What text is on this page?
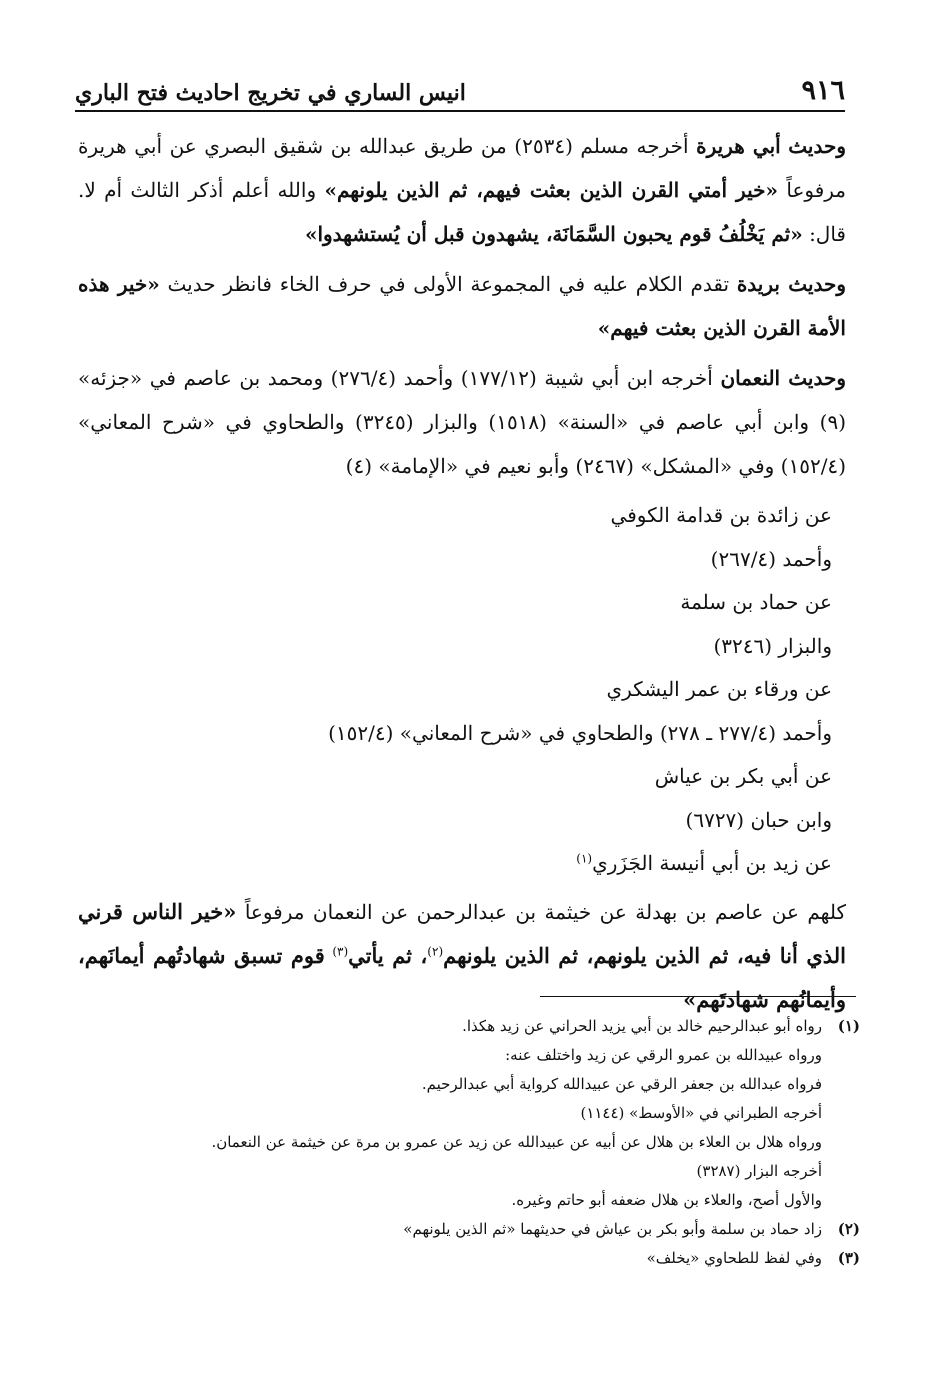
٩١٦
انيس الساري في تخريج احاديث فتح الباري

وحديث أبي هريرة أخرجه مسلم (٢٥٣٤) من طريق عبدالله بن شقيق البصري عن أبي هريرة مرفوعاً «خير أمتي القرن الذين بعثت فيهم، ثم الذين يلونهم» والله أعلم أذكر الثالث أم لا. قال: «ثم يَخْلُفُ قوم يحبون السَّمَانَة، يشهدون قبل أن يُستشهدوا»

وحديث بريدة تقدم الكلام عليه في المجموعة الأولى في حرف الخاء فانظر حديث «خير هذه الأمة القرن الذين بعثت فيهم»

وحديث النعمان أخرجه ابن أبي شيبة (١٧٧/١٢) وأحمد (٢٧٦/٤) ومحمد بن عاصم في «جزئه» (٩) وابن أبي عاصم في «السنة» (١٥١٨) والبزار (٣٢٤٥) والطحاوي في «شرح المعاني» (١٥٢/٤) وفي «المشكل» (٢٤٦٧) وأبو نعيم في «الإمامة» (٤)

عن زائدة بن قدامة الكوفي
وأحمد (٢٦٧/٤)
عن حماد بن سلمة
والبزار (٣٢٤٦)
عن ورقاء بن عمر اليشكري
وأحمد (٢٧٧/٤ ـ ٢٧٨) والطحاوي في «شرح المعاني» (١٥٢/٤)
عن أبي بكر بن عياش
وابن حبان (٦٧٢٧)
عن زيد بن أبي أنيسة الجَزَري$^{(١)}$

كلهم عن عاصم بن بهدلة عن خيثمة بن عبدالرحمن عن النعمان مرفوعاً «خير الناس قرني الذي أنا فيه، ثم الذين يلونهم، ثم الذين يلونهم$^{(٢)}$، ثم يأتي$^{(٣)}$ قوم تسبق شهادتُهم أيمانَهم، وأيمانُهم شهادتَهم»

(١)
رواه أبو عبدالرحيم خالد بن أبي يزيد الحراني عن زيد هكذا.
ورواه عبيدالله بن عمرو الرقي عن زيد واختلف عنه:
فرواه عبدالله بن جعفر الرقي عن عبيدالله كرواية أبي عبدالرحيم.
أخرجه الطبراني في «الأوسط» (١١٤٤)
ورواه هلال بن العلاء بن هلال عن أبيه عن عبيدالله عن زيد عن عمرو بن مرة عن خيثمة عن النعمان.
أخرجه البزار (٣٢٨٧)
والأول أصح، والعلاء بن هلال ضعفه أبو حاتم وغيره.
(٢)
زاد حماد بن سلمة وأبو بكر بن عياش في حديثهما «ثم الذين يلونهم»
(٣)
وفي لفظ للطحاوي «يخلف»
